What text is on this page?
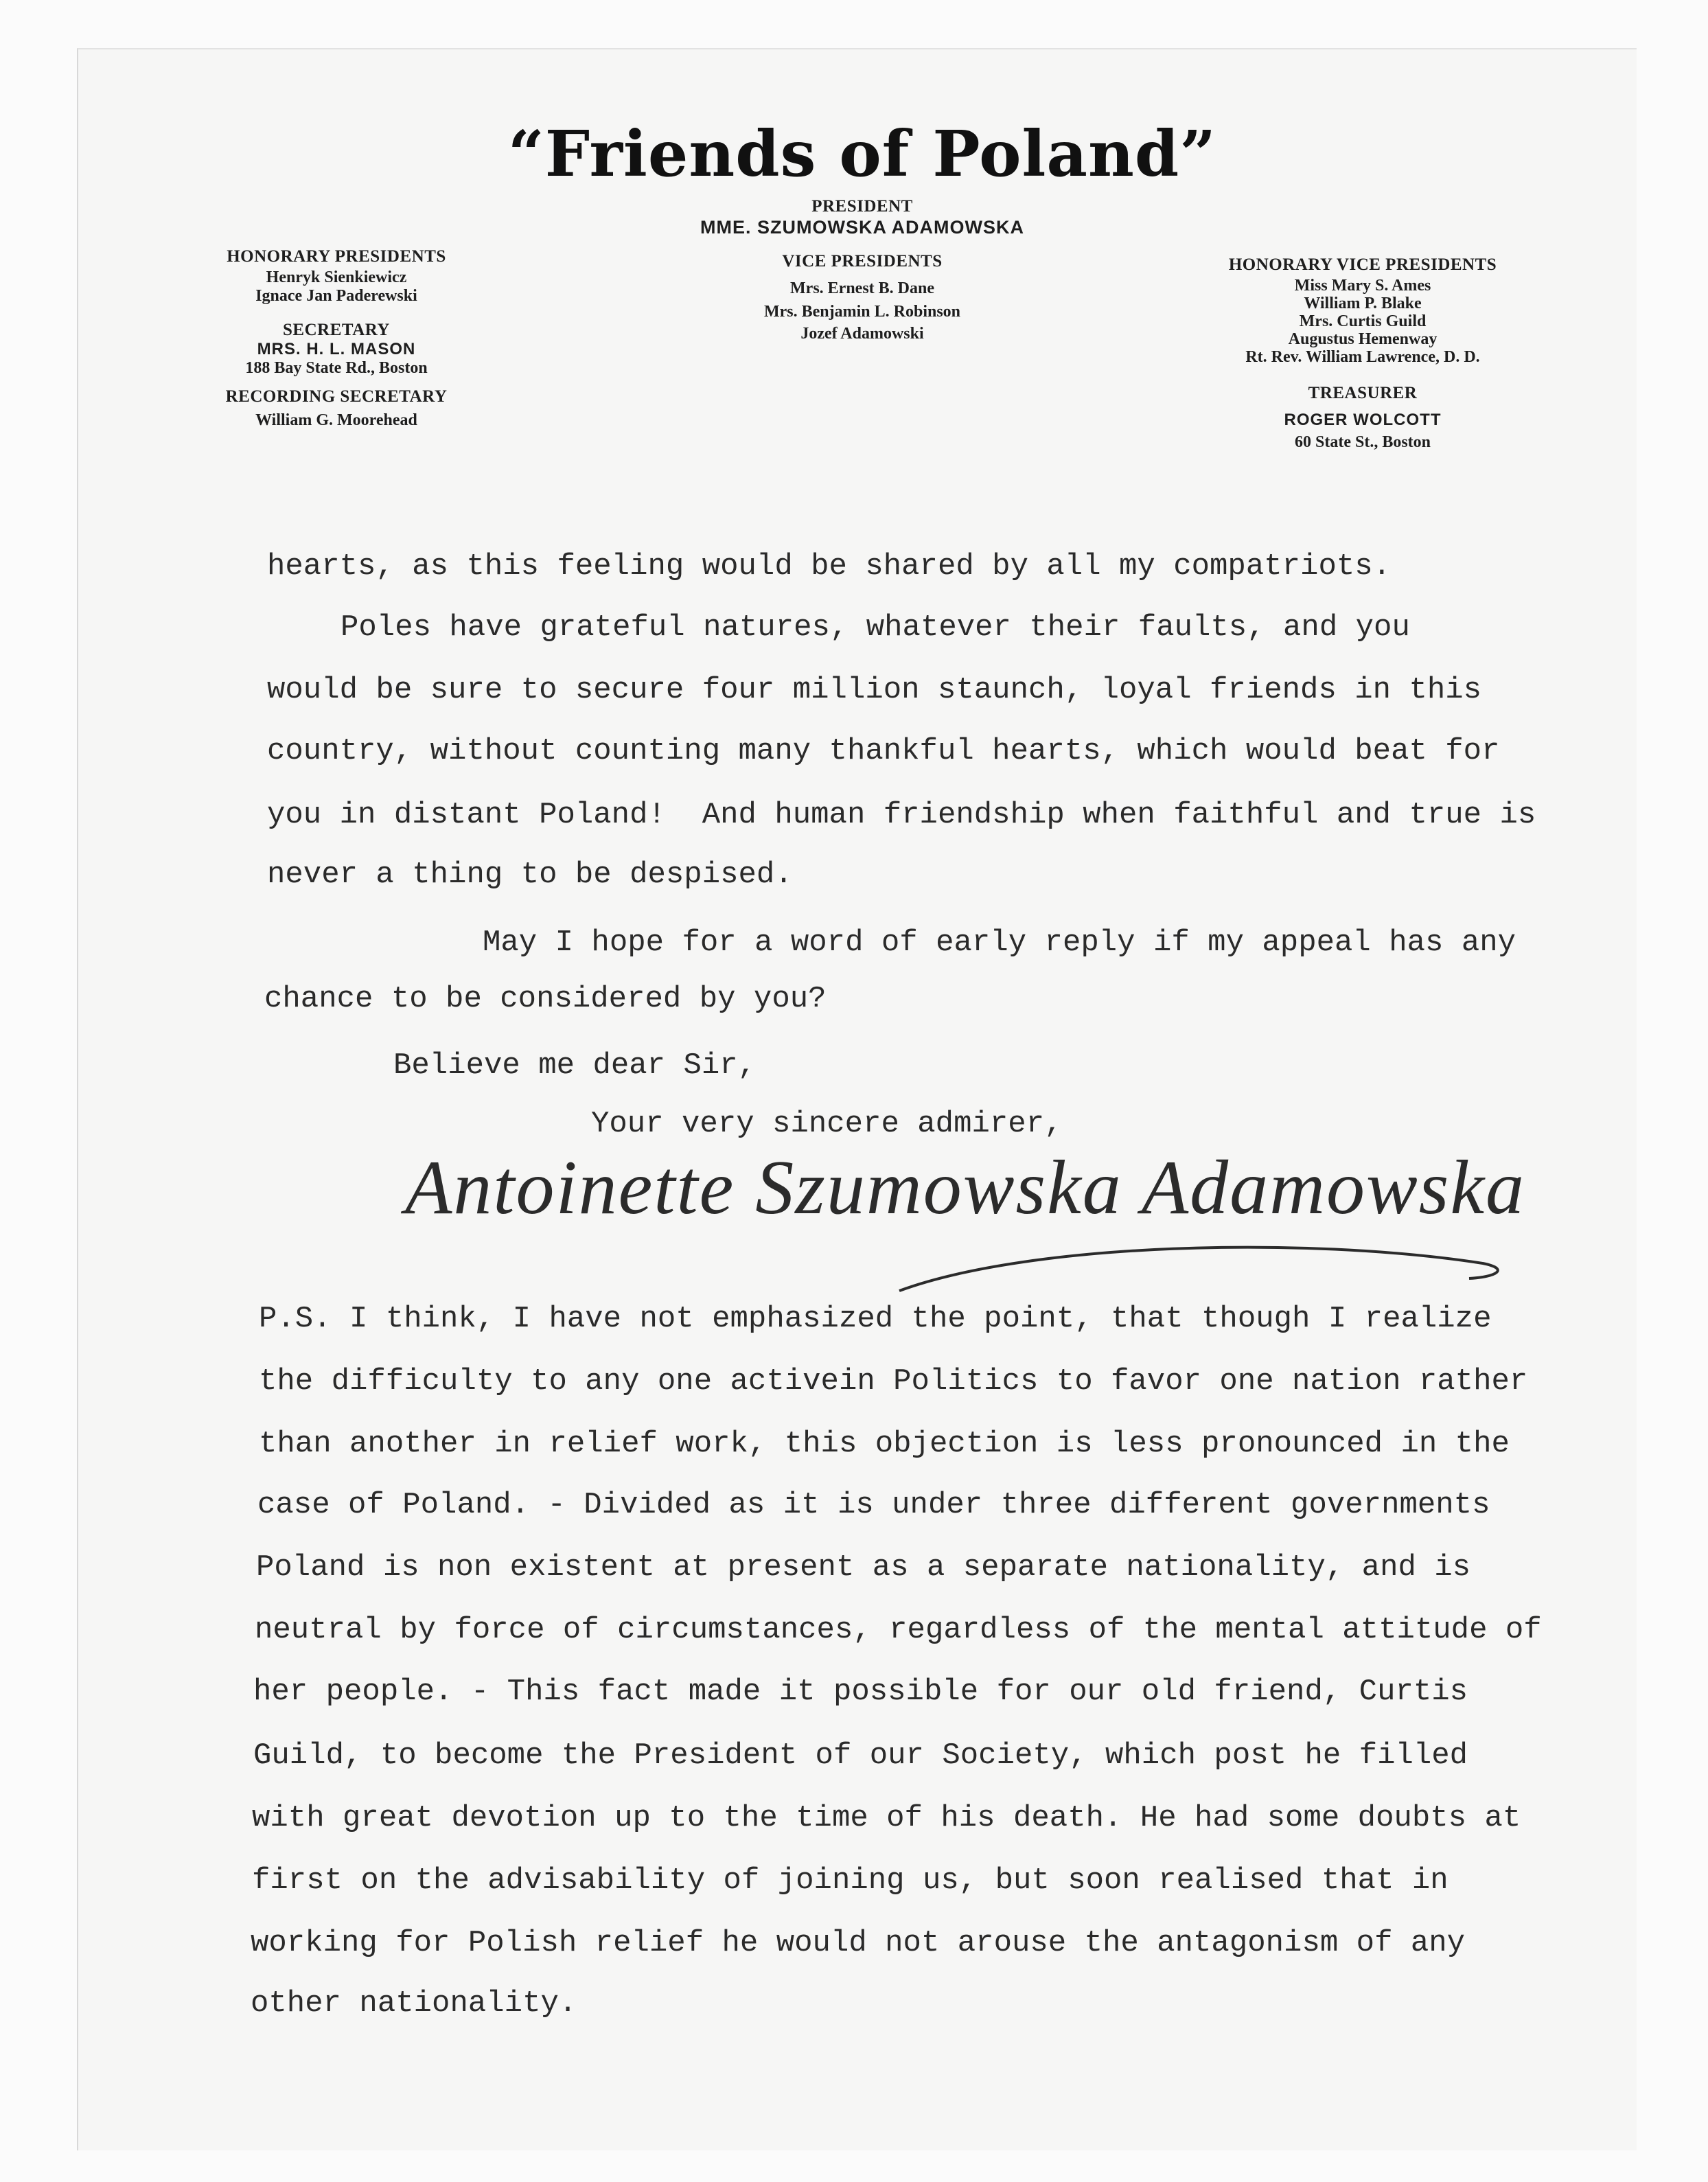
“Friends of Poland”
PRESIDENT
MME. SZUMOWSKA ADAMOWSKA
VICE PRESIDENTS
Mrs. Ernest B. Dane
Mrs. Benjamin L. Robinson
Jozef Adamowski
HONORARY PRESIDENTS
Henryk Sienkiewicz
Ignace Jan Paderewski
SECRETARY
MRS. H. L. MASON
188 Bay State Rd., Boston
RECORDING SECRETARY
William G. Moorehead
HONORARY VICE PRESIDENTS
Miss Mary S. Ames
William P. Blake
Mrs. Curtis Guild
Augustus Hemenway
Rt. Rev. William Lawrence, D. D.
TREASURER
ROGER WOLCOTT
60 State St., Boston
hearts, as this feeling would be shared by all my compatriots.
Poles have grateful natures, whatever their faults, and you
would be sure to secure four million staunch, loyal friends in this
country, without counting many thankful hearts, which would beat for
you in distant Poland!  And human friendship when faithful and true is
never a thing to be despised.
May I hope for a word of early reply if my appeal has any
chance to be considered by you?
Believe me dear Sir,
Your very sincere admirer,
Antoinette Szumowska Adamowska
P.S. I think, I have not emphasized the point, that though I realize
the difficulty to any one activein Politics to favor one nation rather
than another in relief work, this objection is less pronounced in the
case of Poland. - Divided as it is under three different governments
Poland is non existent at present as a separate nationality, and is
neutral by force of circumstances, regardless of the mental attitude of
her people. - This fact made it possible for our old friend, Curtis
Guild, to become the President of our Society, which post he filled
with great devotion up to the time of his death. He had some doubts at
first on the advisability of joining us, but soon realised that in
working for Polish relief he would not arouse the antagonism of any
other nationality.
